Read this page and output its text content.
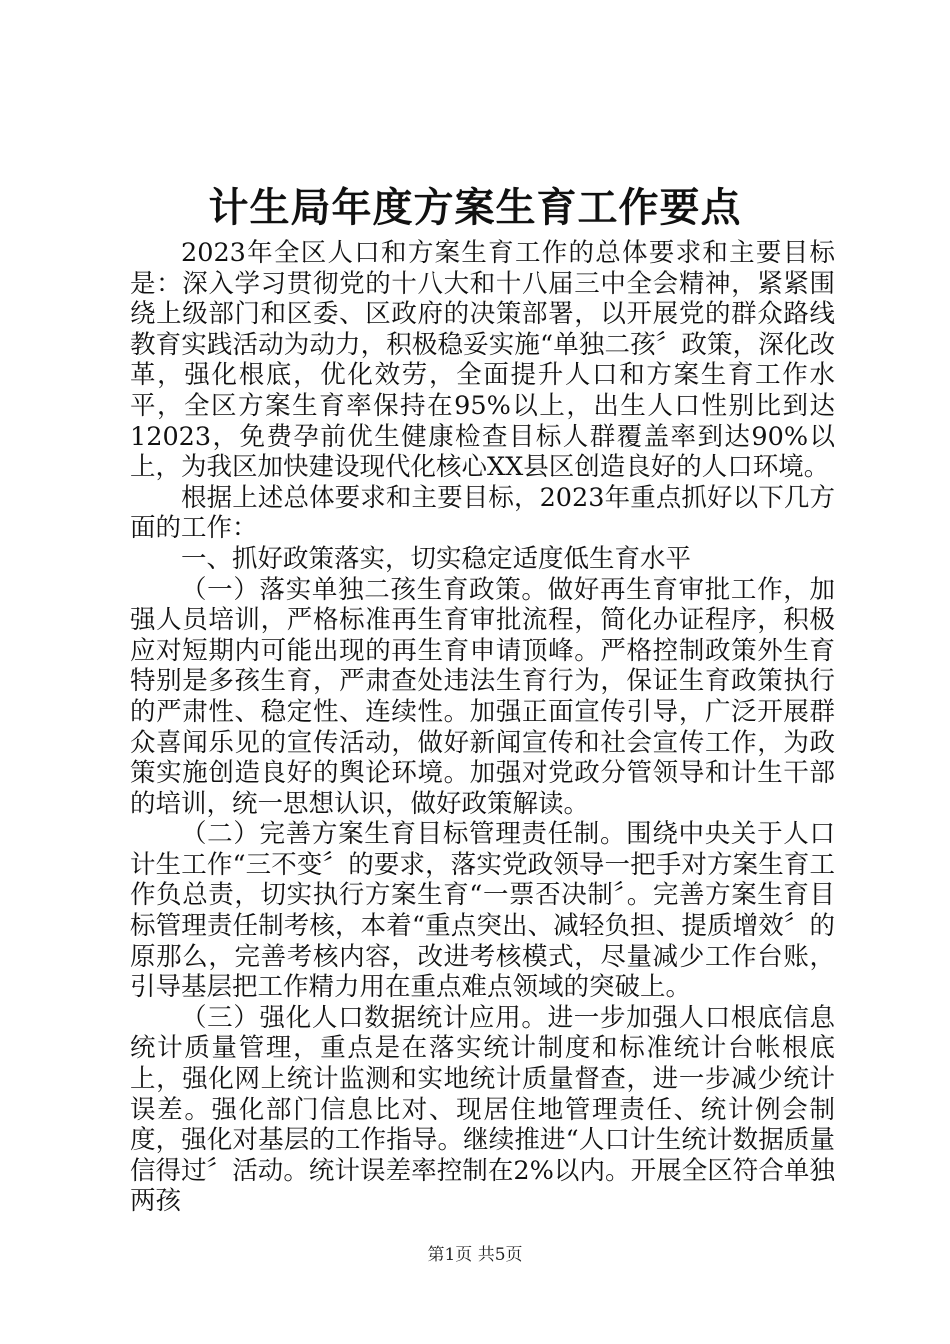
计生局年度方案生育工作要点

2023年全区人口和方案生育工作的总体要求和主要目标是：深入学习贯彻党的十八大和十八届三中全会精神，紧紧围绕上级部门和区委、区政府的决策部署，以开展党的群众路线教育实践活动为动力，积极稳妥实施“单独二孩〞政策，深化改革，强化根底，优化效劳，全面提升人口和方案生育工作水平，全区方案生育率保持在95%以上，出生人口性别比到达12023，免费孕前优生健康检查目标人群覆盖率到达90%以上，为我区加快建设现代化核心XX县区创造良好的人口环境。

根据上述总体要求和主要目标，2023年重点抓好以下几方面的工作：

一、抓好政策落实，切实稳定适度低生育水平

（一）落实单独二孩生育政策。做好再生育审批工作，加强人员培训，严格标准再生育审批流程，简化办证程序，积极应对短期内可能出现的再生育申请顶峰。严格控制政策外生育特别是多孩生育，严肃查处违法生育行为，保证生育政策执行的严肃性、稳定性、连续性。加强正面宣传引导，广泛开展群众喜闻乐见的宣传活动，做好新闻宣传和社会宣传工作，为政策实施创造良好的舆论环境。加强对党政分管领导和计生干部的培训，统一思想认识，做好政策解读。

（二）完善方案生育目标管理责任制。围绕中央关于人口计生工作“三不变〞的要求，落实党政领导一把手对方案生育工作负总责，切实执行方案生育“一票否决制〞。完善方案生育目标管理责任制考核，本着“重点突出、减轻负担、提质增效〞的原那么，完善考核内容，改进考核模式，尽量减少工作台账，引导基层把工作精力用在重点难点领域的突破上。

（三）强化人口数据统计应用。进一步加强人口根底信息统计质量管理，重点是在落实统计制度和标准统计台帐根底上，强化网上统计监测和实地统计质量督查，进一步减少统计误差。强化部门信息比对、现居住地管理责任、统计例会制度，强化对基层的工作指导。继续推进“人口计生统计数据质量信得过〞活动。统计误差率控制在2%以内。开展全区符合单独两孩

第1页 共5页
